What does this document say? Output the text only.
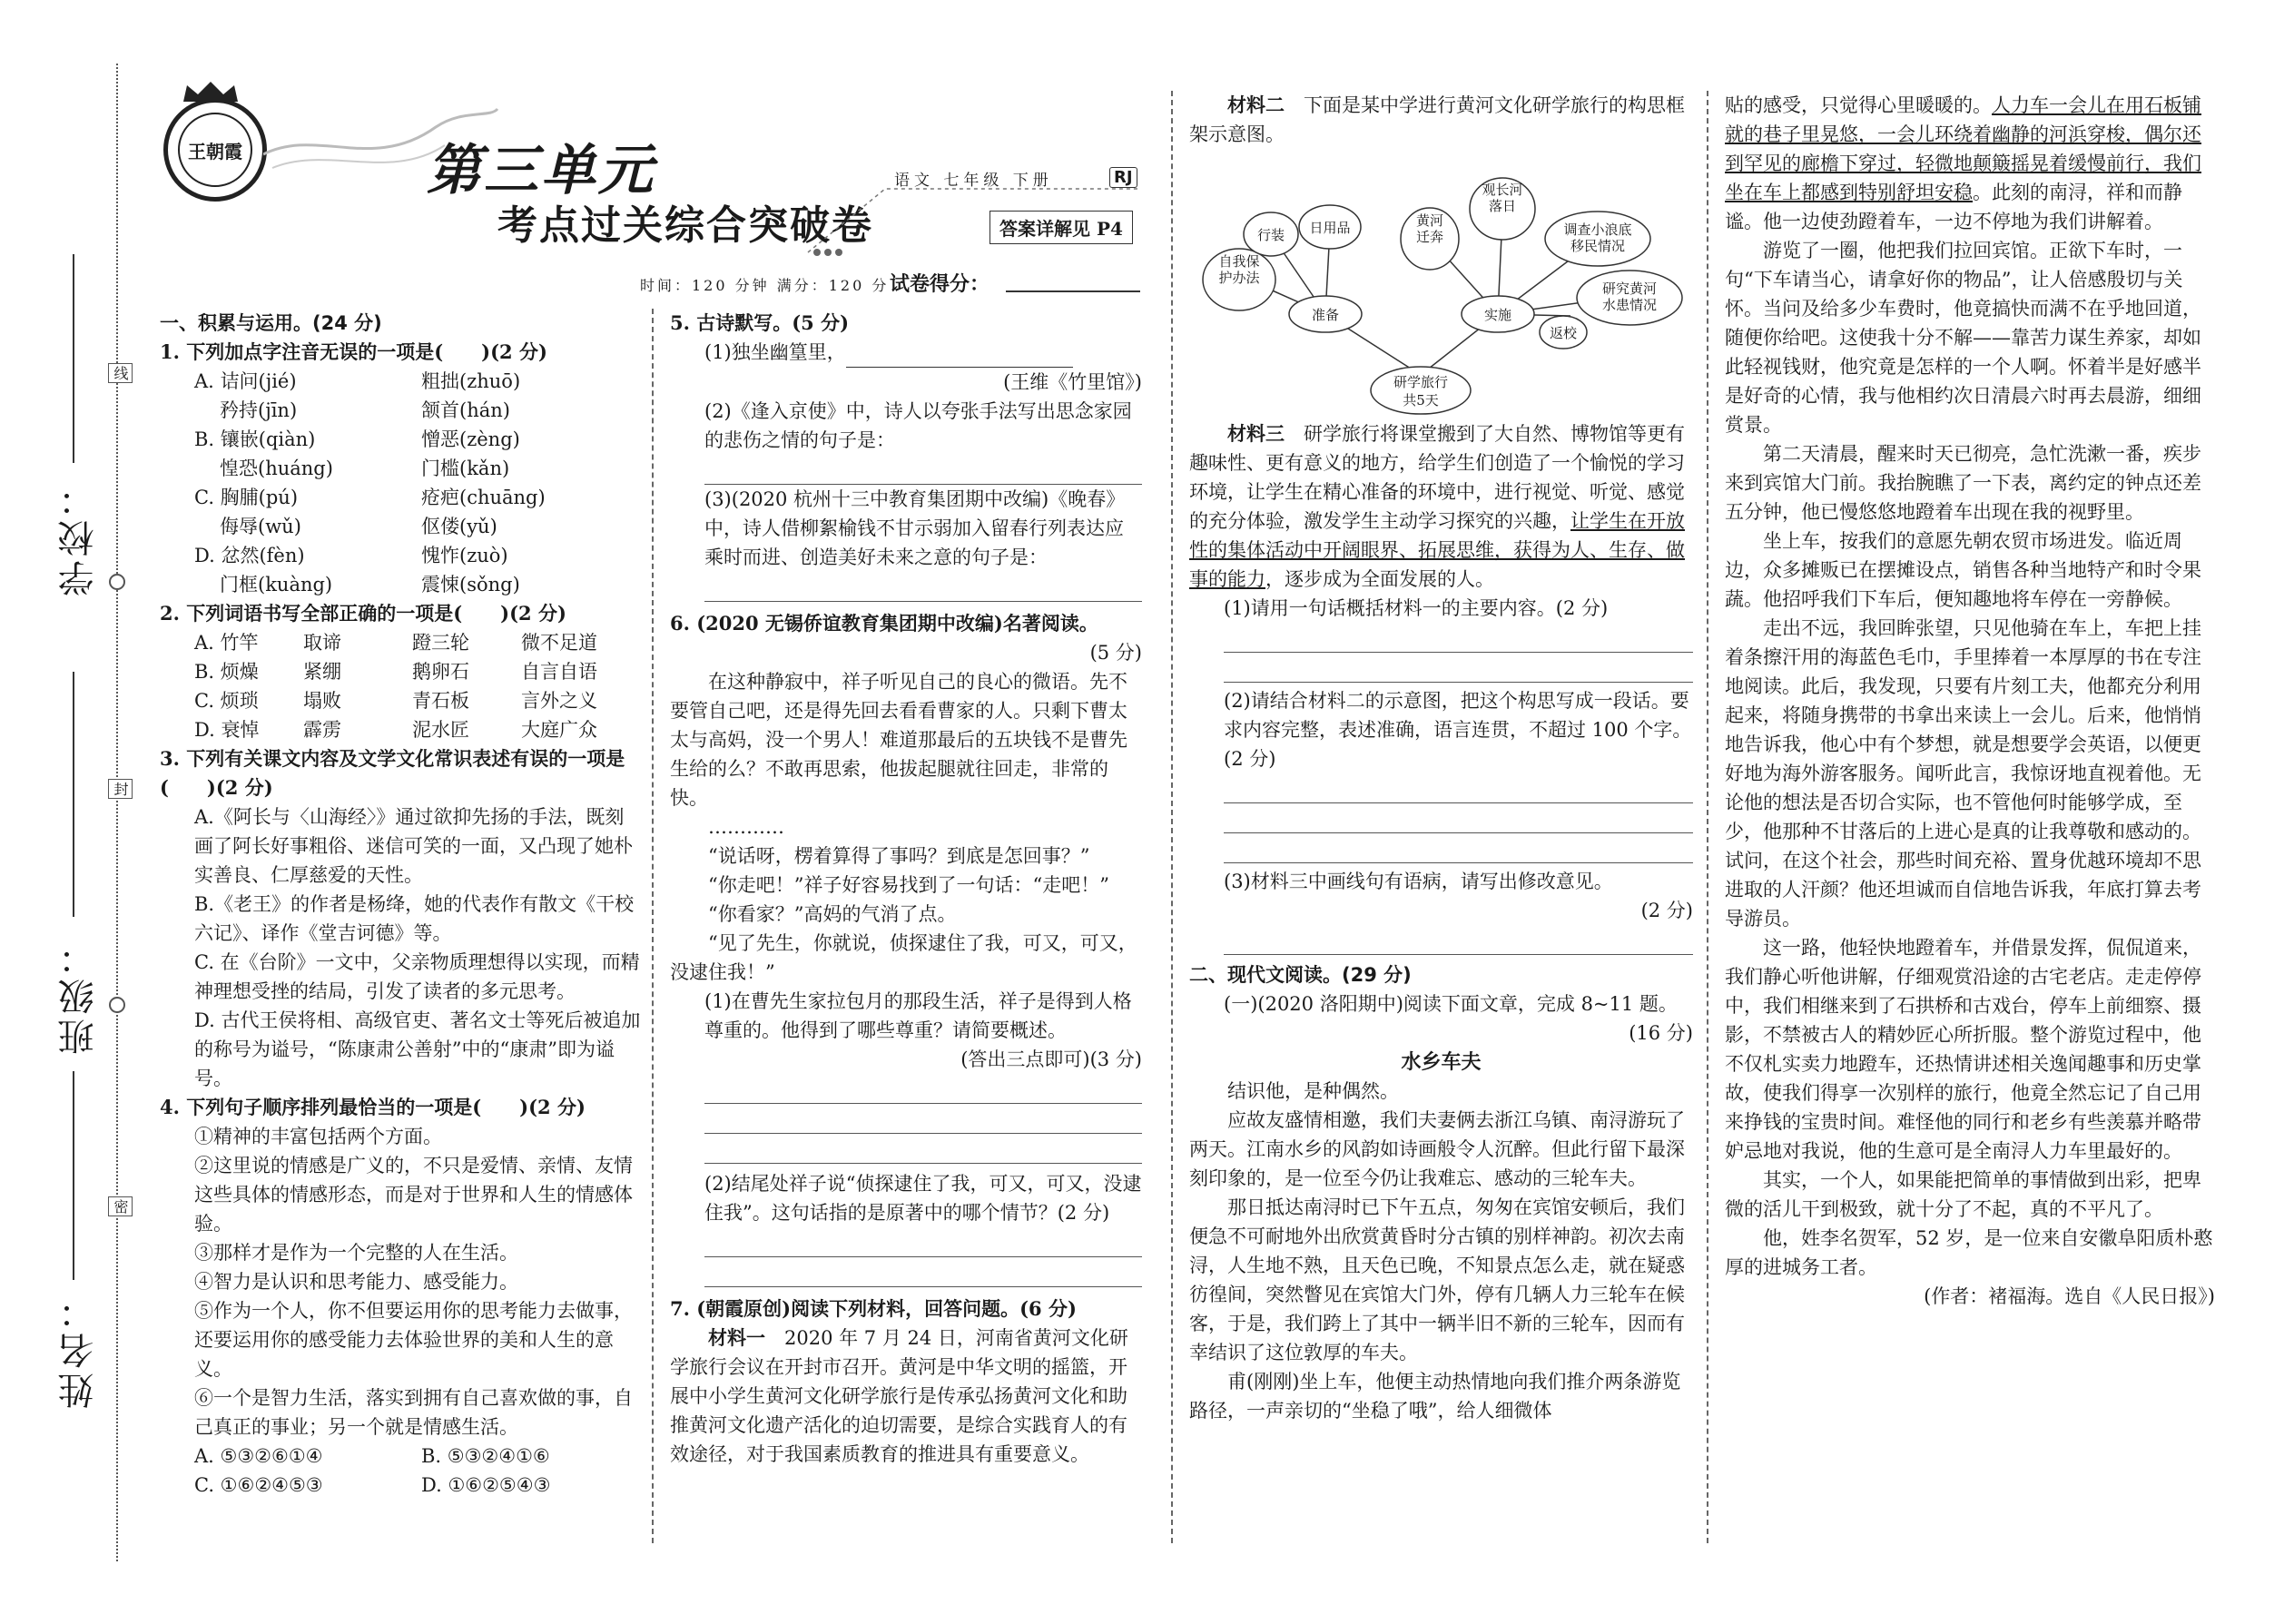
学校：
班级：
姓名：
线
封
密
王朝霞	第三单元
考点过关综合突破卷
语文 七年级 下册	RJ
答案详解见 P4
时间：120 分钟 满分：120 分 试卷得分：

一、积累与运用。(24 分)

1. 下列加点字注音无误的一项是(　　)(2 分)

A. 诘问(jié)	粗拙(zhuō)
矜持(jīn)	颔首(hán)
B. 镶嵌(qiàn)	憎恶(zèng)
惶恐(huáng)	门槛(kǎn)
C. 胸脯(pú)	疮疤(chuāng)
侮辱(wǔ)	伛偻(yǔ)
D. 忿然(fèn)	愧怍(zuò)
门框(kuàng)	震悚(sǒng)

2. 下列词语书写全部正确的一项是(　　)(2 分)

A. 竹竿	取谛	蹬三轮	微不足道
B. 烦燥	紧绷	鹅卵石	自言自语
C. 烦琐	塌败	青石板	言外之义
D. 衰悼	霹雳	泥水匠	大庭广众

3. 下列有关课文内容及文学文化常识表述有误的一项是(　　)(2 分)

A.《阿长与〈山海经〉》通过欲抑先扬的手法，既刻画了阿长好事粗俗、迷信可笑的一面，又凸现了她朴实善良、仁厚慈爱的天性。

B.《老王》的作者是杨绛，她的代表作有散文《干校六记》、译作《堂吉诃德》等。

C. 在《台阶》一文中，父亲物质理想得以实现，而精神理想受挫的结局，引发了读者的多元思考。

D. 古代王侯将相、高级官吏、著名文士等死后被追加的称号为谥号，“陈康肃公善射”中的“康肃”即为谥号。

4. 下列句子顺序排列最恰当的一项是(　　)(2 分)

①精神的丰富包括两个方面。

②这里说的情感是广义的，不只是爱情、亲情、友情这些具体的情感形态，而是对于世界和人生的情感体验。

③那样才是作为一个完整的人在生活。

④智力是认识和思考能力、感受能力。

⑤作为一个人，你不但要运用你的思考能力去做事，还要运用你的感受能力去体验世界的美和人生的意义。

⑥一个是智力生活，落实到拥有自己喜欢做的事，自己真正的事业；另一个就是情感生活。

A. ⑤③②⑥①④	B. ⑤③②④①⑥
C. ①⑥②④⑤③	D. ①⑥②⑤④③

5. 古诗默写。(5 分)

(1)独坐幽篁里，

(王维《竹里馆》)

(2)《逢入京使》中，诗人以夸张手法写出思念家园的悲伤之情的句子是：

(3)(2020 杭州十三中教育集团期中改编)《晚春》中，诗人借柳絮榆钱不甘示弱加入留春行列表达应乘时而进、创造美好未来之意的句子是：

6. (2020 无锡侨谊教育集团期中改编)名著阅读。

(5 分)

在这种静寂中，祥子听见自己的良心的微语。先不要管自己吧，还是得先回去看看曹家的人。只剩下曹太太与高妈，没一个男人！难道那最后的五块钱不是曹先生给的么？不敢再思索，他拔起腿就往回走，非常的快。

…………

“说话呀，楞着算得了事吗？到底是怎回事？”

“你走吧！”祥子好容易找到了一句话：“走吧！”

“你看家？”高妈的气消了点。

“见了先生，你就说，侦探逮住了我，可又，可又，没逮住我！”

(1)在曹先生家拉包月的那段生活，祥子是得到人格尊重的。他得到了哪些尊重？请简要概述。

(答出三点即可)(3 分)

(2)结尾处祥子说“侦探逮住了我，可又，可又，没逮住我”。这句话指的是原著中的哪个情节？(2 分)

7. (朝霞原创)阅读下列材料，回答问题。(6 分)

材料一　 2020 年 7 月 24 日，河南省黄河文化研学旅行会议在开封市召开。黄河是中华文明的摇篮，开展中小学生黄河文化研学旅行是传承弘扬黄河文化和助推黄河文化遗产活化的迫切需要，是综合实践育人的有效途径，对于我国素质教育的推进具有重要意义。

材料二　 下面是某中学进行黄河文化研学旅行的构思框架示意图。

研学旅行
共5天
准备	实施
自我保
护办法
行装 日用品	黄河
迁奔
观长河
落日
调查小浪底
移民情况
研究黄河
水患情况
返校

材料三　 研学旅行将课堂搬到了大自然、博物馆等更有趣味性、更有意义的地方，给学生们创造了一个愉悦的学习环境，让学生在精心准备的环境中，进行视觉、听觉、感觉的充分体验，激发学生主动学习探究的兴趣，让学生在开放性的集体活动中开阔眼界、拓展思维，获得为人、生存、做事的能力，逐步成为全面发展的人。

(1)请用一句话概括材料一的主要内容。(2 分)

(2)请结合材料二的示意图，把这个构思写成一段话。要求内容完整，表述准确，语言连贯，不超过 100 个字。(2 分)

(3)材料三中画线句有语病，请写出修改意见。

(2 分)

二、现代文阅读。(29 分)

(一)(2020 洛阳期中)阅读下面文章，完成 8~11 题。

(16 分)

水乡车夫

结识他，是种偶然。

应故友盛情相邀，我们夫妻俩去浙江乌镇、南浔游玩了两天。江南水乡的风韵如诗画般令人沉醉。但此行留下最深刻印象的，是一位至今仍让我难忘、感动的三轮车夫。

那日抵达南浔时已下午五点，匆匆在宾馆安顿后，我们便急不可耐地外出欣赏黄昏时分古镇的别样神韵。初次去南浔，人生地不熟，且天色已晚，不知景点怎么走，就在疑惑彷徨间，突然瞥见在宾馆大门外，停有几辆人力三轮车在候客，于是，我们跨上了其中一辆半旧不新的三轮车，因而有幸结识了这位敦厚的车夫。

甫(刚刚)坐上车，他便主动热情地向我们推介两条游览路径，一声亲切的“坐稳了哦”，给人细微体

贴的感受，只觉得心里暖暖的。人力车一会儿在用石板铺就的巷子里晃悠，一会儿环绕着幽静的河浜穿梭，偶尔还到罕见的廊檐下穿过，轻微地颠簸摇晃着缓慢前行，我们坐在车上都感到特别舒坦安稳。此刻的南浔，祥和而静谧。他一边使劲蹬着车，一边不停地为我们讲解着。

游览了一圈，他把我们拉回宾馆。正欲下车时，一句“下车请当心，请拿好你的物品”，让人倍感殷切与关怀。当问及给多少车费时，他竟搞快而满不在乎地回道，随便你给吧。这使我十分不解——靠苦力谋生养家，却如此轻视钱财，他究竟是怎样的一个人啊。怀着半是好感半是好奇的心情，我与他相约次日清晨六时再去晨游，细细赏景。

第二天清晨，醒来时天已彻亮，急忙洗漱一番，疾步来到宾馆大门前。我抬腕瞧了一下表，离约定的钟点还差五分钟，他已慢悠悠地蹬着车出现在我的视野里。

坐上车，按我们的意愿先朝农贸市场进发。临近周边，众多摊贩已在摆摊设点，销售各种当地特产和时令果蔬。他招呼我们下车后，便知趣地将车停在一旁静候。

走出不远，我回眸张望，只见他骑在车上，车把上挂着条擦汗用的海蓝色毛巾，手里捧着一本厚厚的书在专注地阅读。此后，我发现，只要有片刻工夫，他都充分利用起来，将随身携带的书拿出来读上一会儿。后来，他悄悄地告诉我，他心中有个梦想，就是想要学会英语，以便更好地为海外游客服务。闻听此言，我惊讶地直视着他。无论他的想法是否切合实际，也不管他何时能够学成，至少，他那种不甘落后的上进心是真的让我尊敬和感动的。试问，在这个社会，那些时间充裕、置身优越环境却不思进取的人汗颜？他还坦诚而自信地告诉我，年底打算去考导游员。

这一路，他轻快地蹬着车，并借景发挥，侃侃道来，我们静心听他讲解，仔细观赏沿途的古宅老店。走走停停中，我们相继来到了石拱桥和古戏台，停车上前细察、摄影，不禁被古人的精妙匠心所折服。整个游览过程中，他不仅札实卖力地蹬车，还热情讲述相关逸闻趣事和历史掌故，使我们得享一次别样的旅行，他竟全然忘记了自己用来挣钱的宝贵时间。难怪他的同行和老乡有些羡慕并略带妒忌地对我说，他的生意可是全南浔人力车里最好的。

其实，一个人，如果能把简单的事情做到出彩，把卑微的活儿干到极致，就十分了不起，真的不平凡了。

他，姓李名贺军，52 岁，是一位来自安徽阜阳质朴憨厚的进城务工者。

(作者：褚福海。选自《人民日报》)
